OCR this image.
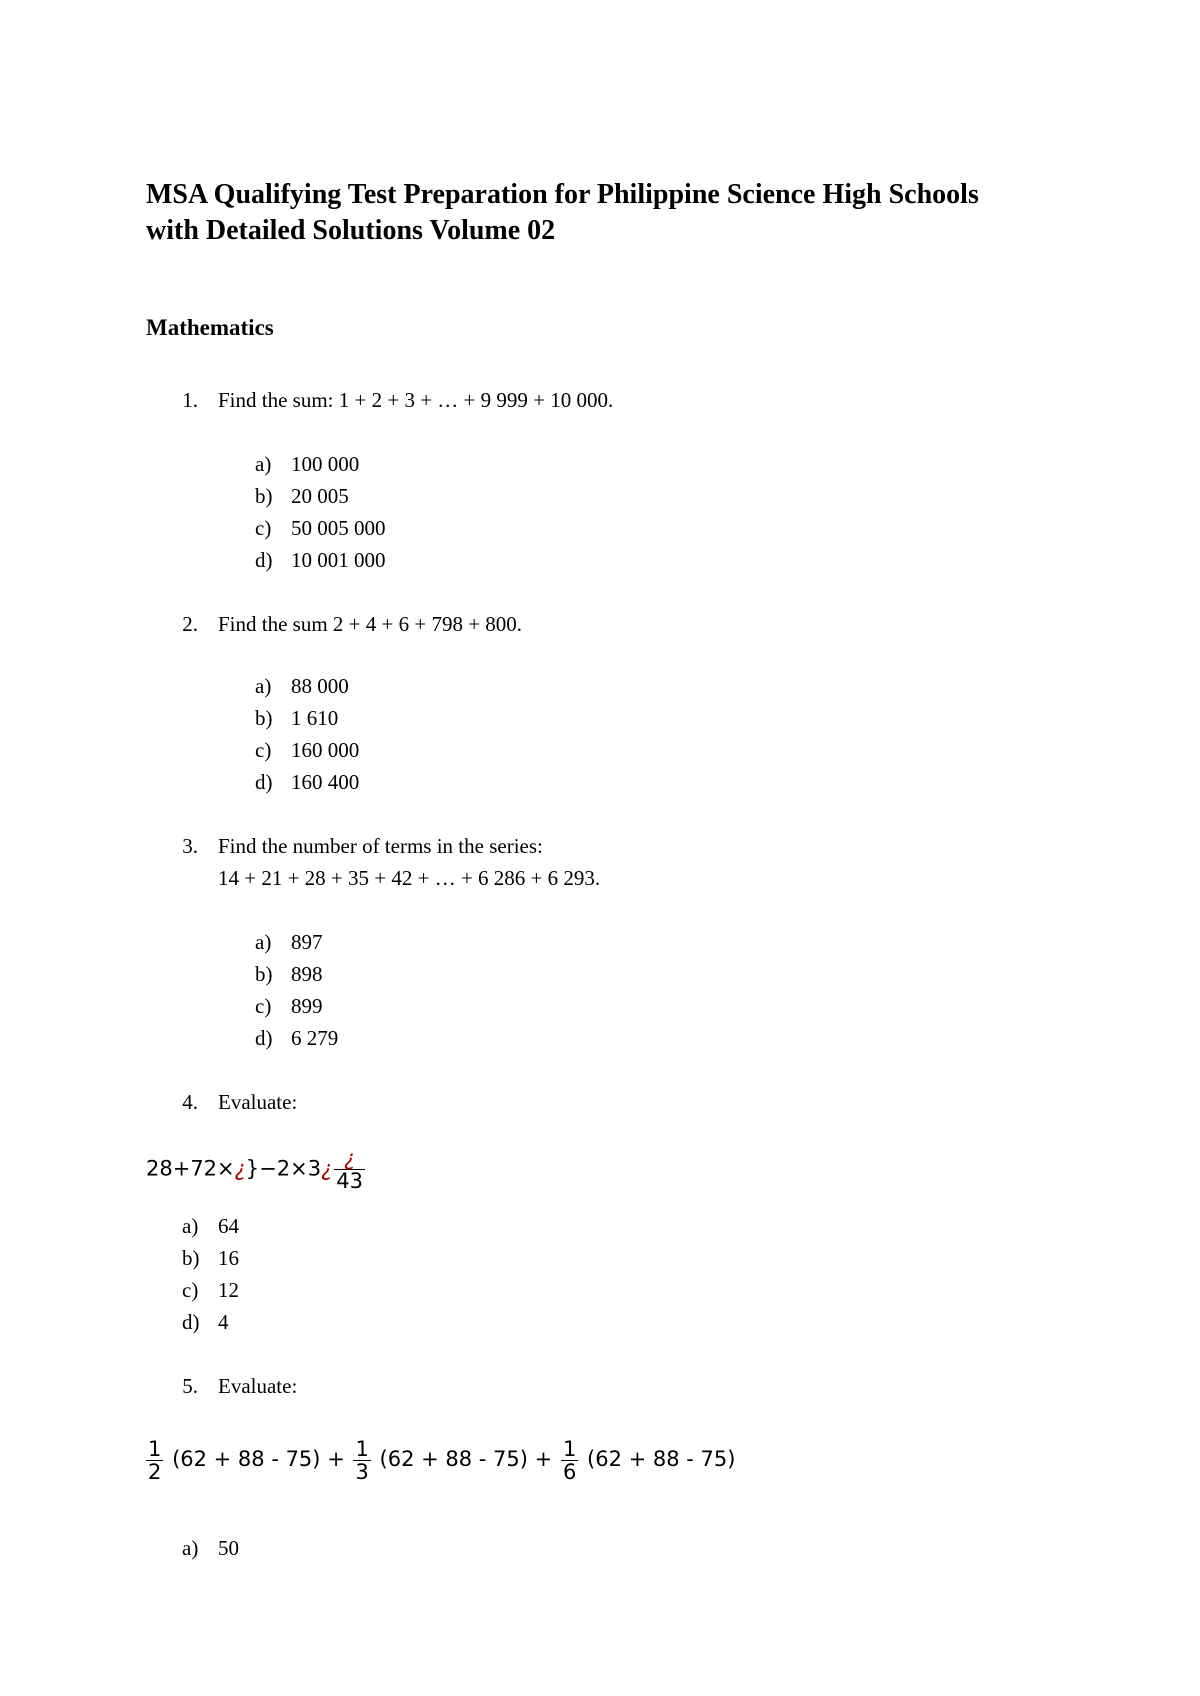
MSA Qualifying Test Preparation for Philippine Science High Schools
with Detailed Solutions Volume 02
Mathematics
1. Find the sum: 1 + 2 + 3 + … + 9 999 + 10 000.
a) 100 000
b) 20 005
c) 50 005 000
d) 10 001 000
2. Find the sum 2 + 4 + 6 + 798 + 800.
a) 88 000
b) 1 610
c) 160 000
d) 160 400
3. Find the number of terms in the series:
14 + 21 + 28 + 35 + 42 + … + 6 286 + 6 293.
a) 897
b) 898
c) 899
d) 6 279
4. Evaluate:
28+72×¿}−2×3¿ $\frac{¿}{43}$
a) 64
b) 16
c) 12
d) 4
5. Evaluate:
$\frac{1}{2} (62 + 88 - 75) + \frac{1}{3} (62 + 88 - 75) + \frac{1}{6} (62 + 88 - 75)$
a) 50
